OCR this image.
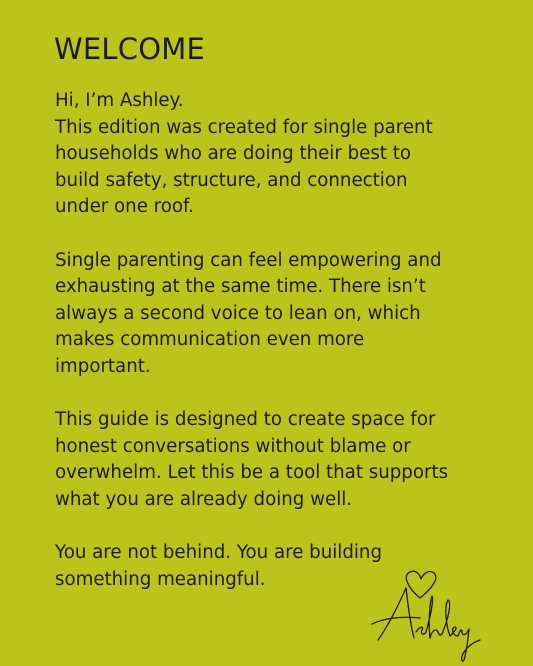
WELCOME

Hi, I’m Ashley.
This edition was created for single parent
households who are doing their best to
build safety, structure, and connection
under one roof.

Single parenting can feel empowering and
exhausting at the same time. There isn’t
always a second voice to lean on, which
makes communication even more
important.

This guide is designed to create space for
honest conversations without blame or
overwhelm. Let this be a tool that supports
what you are already doing well.

You are not behind. You are building
something meaningful.
